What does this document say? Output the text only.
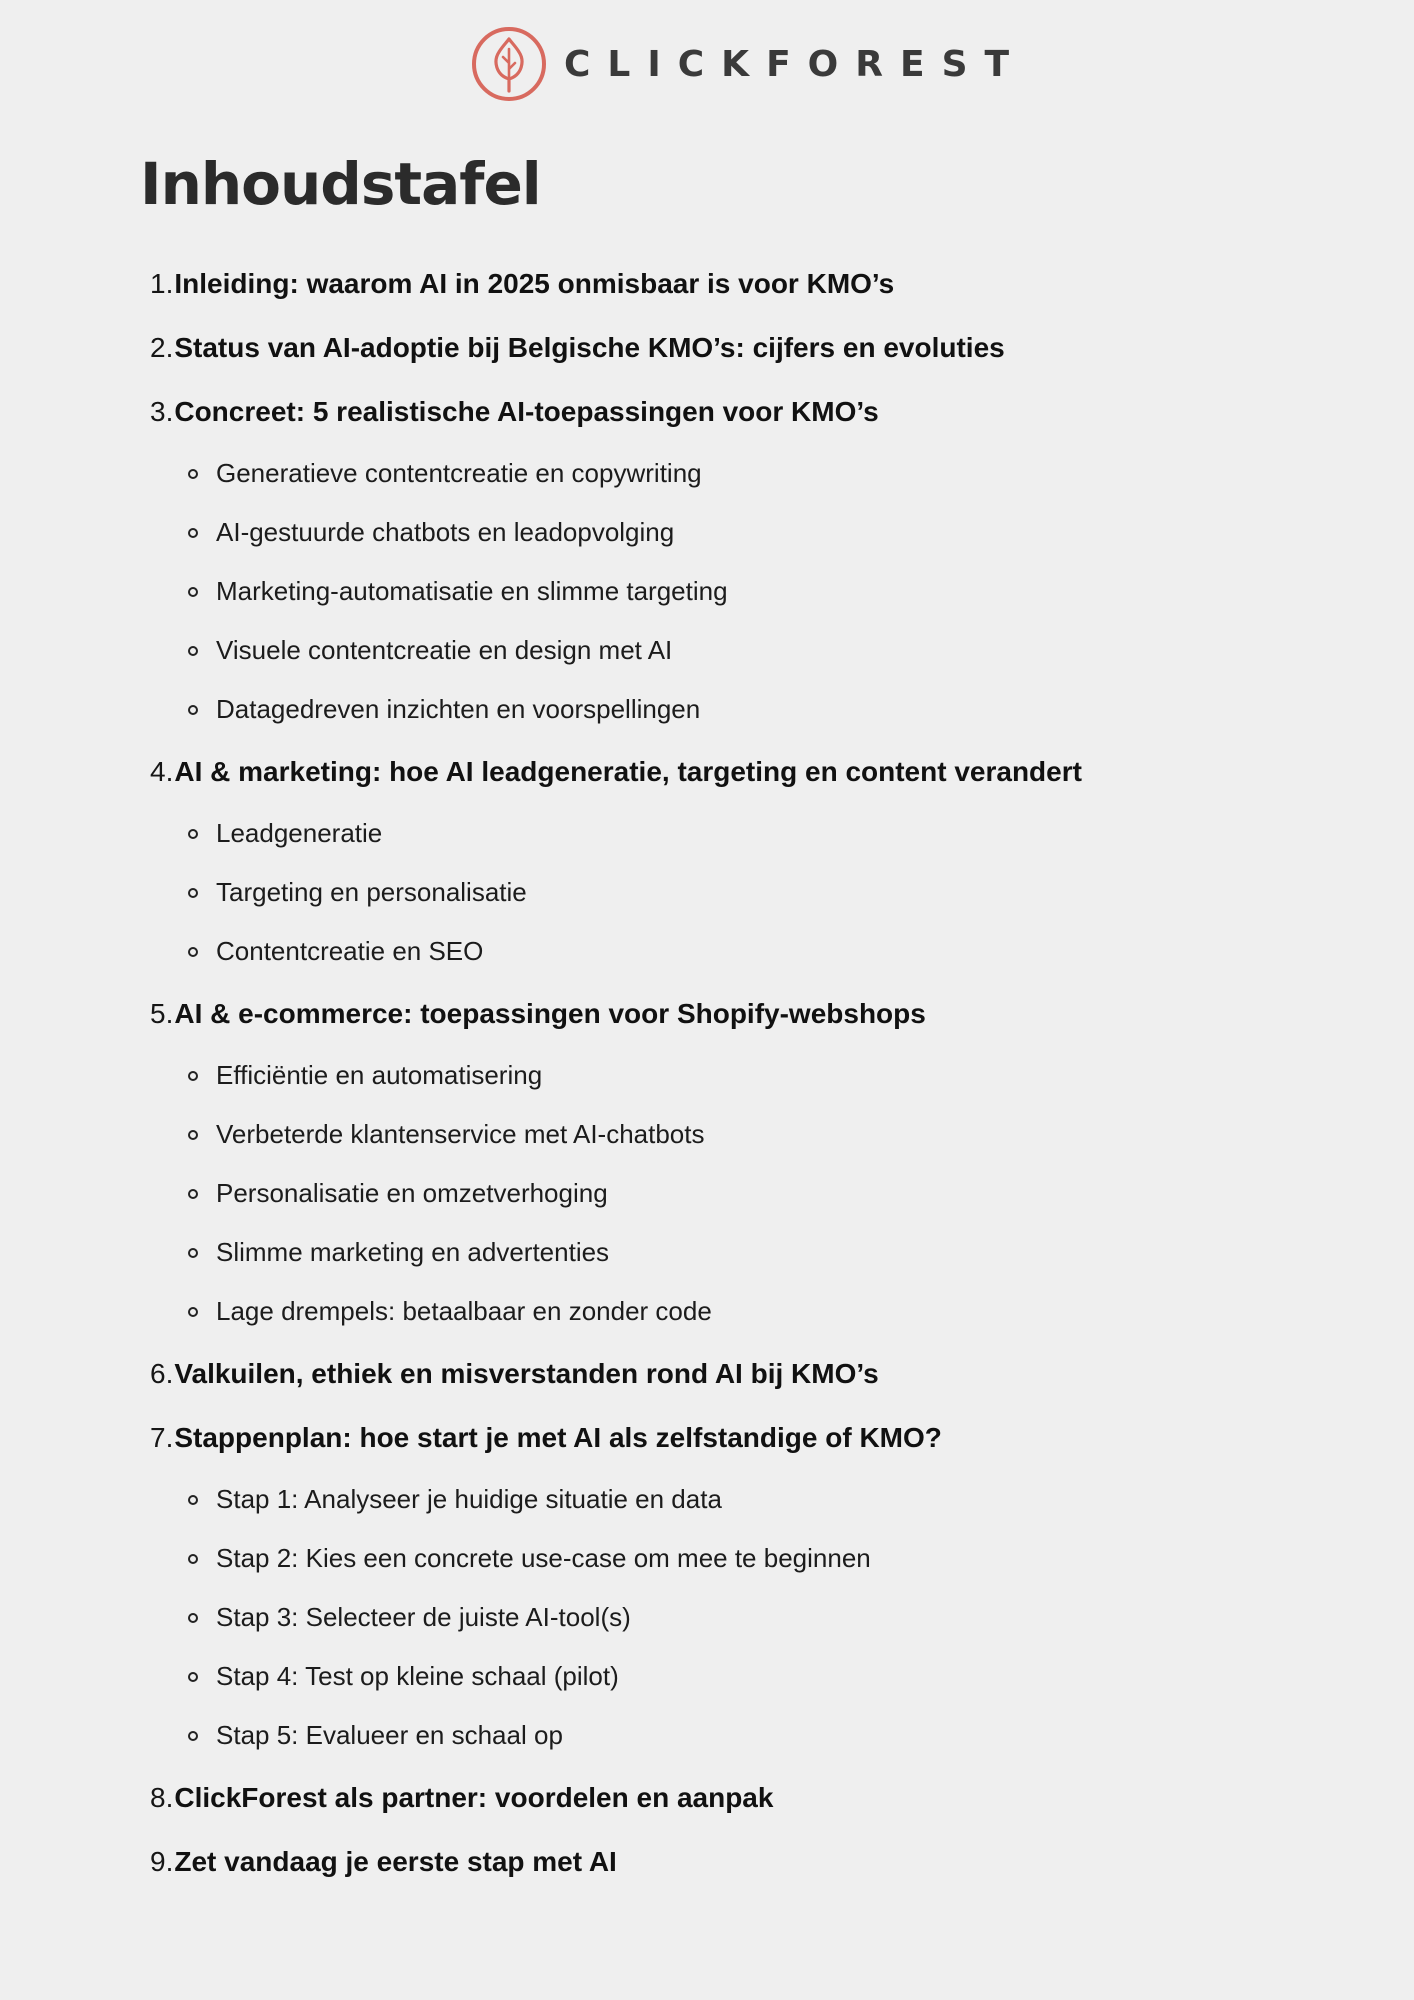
CLICKFOREST
Inhoudstafel
1. Inleiding: waarom AI in 2025 onmisbaar is voor KMO’s
2. Status van AI-adoptie bij Belgische KMO’s: cijfers en evoluties
3. Concreet: 5 realistische AI-toepassingen voor KMO’s
Generatieve contentcreatie en copywriting
AI-gestuurde chatbots en leadopvolging
Marketing-automatisatie en slimme targeting
Visuele contentcreatie en design met AI
Datagedreven inzichten en voorspellingen
4. AI & marketing: hoe AI leadgeneratie, targeting en content verandert
Leadgeneratie
Targeting en personalisatie
Contentcreatie en SEO
5. AI & e-commerce: toepassingen voor Shopify-webshops
Efficiëntie en automatisering
Verbeterde klantenservice met AI-chatbots
Personalisatie en omzetverhoging
Slimme marketing en advertenties
Lage drempels: betaalbaar en zonder code
6. Valkuilen, ethiek en misverstanden rond AI bij KMO’s
7. Stappenplan: hoe start je met AI als zelfstandige of KMO?
Stap 1: Analyseer je huidige situatie en data
Stap 2: Kies een concrete use-case om mee te beginnen
Stap 3: Selecteer de juiste AI-tool(s)
Stap 4: Test op kleine schaal (pilot)
Stap 5: Evalueer en schaal op
8. ClickForest als partner: voordelen en aanpak
9. Zet vandaag je eerste stap met AI
